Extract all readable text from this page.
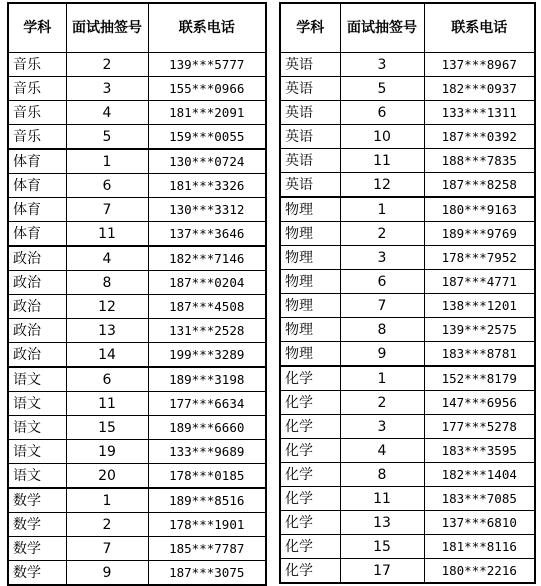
学科	面试抽签号	联系电话
音乐	2	139***5777
音乐	3	155***0966
音乐	4	181***2091
音乐	5	159***0055
体育	1	130***0724
体育	6	181***3326
体育	7	130***3312
体育	11	137***3646
政治	4	182***7146
政治	8	187***0204
政治	12	187***4508
政治	13	131***2528
政治	14	199***3289
语文	6	189***3198
语文	11	177***6634
语文	15	189***6660
语文	19	133***9689
语文	20	178***0185
数学	1	189***8516
数学	2	178***1901
数学	7	185***7787
数学	9	187***3075
学科	面试抽签号	联系电话
英语	3	137***8967
英语	5	182***0937
英语	6	133***1311
英语	10	187***0392
英语	11	188***7835
英语	12	187***8258
物理	1	180***9163
物理	2	189***9769
物理	3	178***7952
物理	6	187***4771
物理	7	138***1201
物理	8	139***2575
物理	9	183***8781
化学	1	152***8179
化学	2	147***6956
化学	3	177***5278
化学	4	183***3595
化学	8	182***1404
化学	11	183***7085
化学	13	137***6810
化学	15	181***8116
化学	17	180***2216
